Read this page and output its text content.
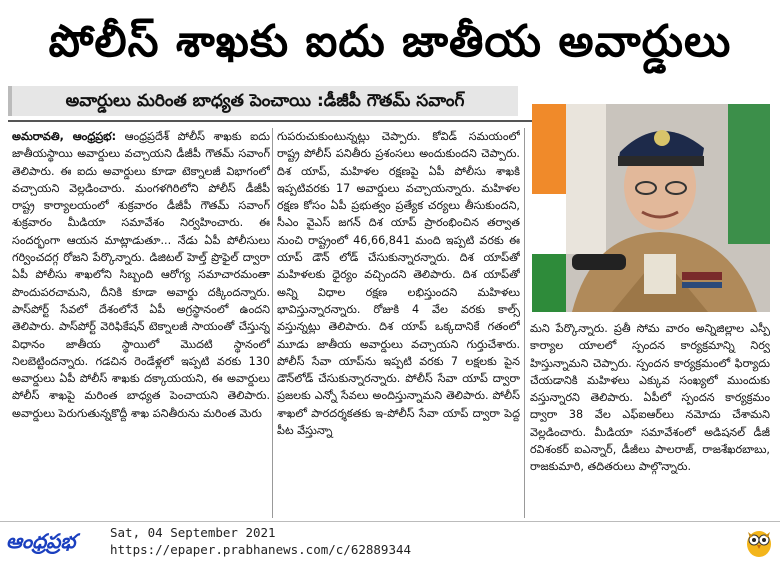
పోలీస్ శాఖకు ఐదు జాతీయ అవార్డులు
అవార్డులు మరింత బాధ్యత పెంచాయి :డీజీపీ గౌతమ్ సవాంగ్

అమరావతి, ఆంధ్రప్రభ: ఆంధ్రప్రదేశ్ పోలీస్ శాఖకు ఐదు జాతీయస్థాయి అవార్డులు వచ్చాయని డీజీపీ గౌతమ్ సవాంగ్ తెలిపారు. ఈ ఐదు అవార్డులు కూడా టెక్నాలజీ విభాగంలో వచ్చాయని వెల్లడించారు. మంగళగిరిలోని పోలీస్ డీజీపీ రాష్ట్ర కార్యాలయంలో శుక్రవారం డీజీపీ గౌతమ్ సవాంగ్ శుక్రవారం మీడియా సమావేశం నిర్వహించారు. ఈ సందర్భంగా ఆయన మాట్లాడుతూ... నేడు ఏపీ పోలీసులు గర్వించదగ్గ రోజని పేర్కొన్నారు. డిజిటల్ హెల్త్ ప్రొఫైల్ ద్వారా ఏపీ పోలీసు శాఖలోని సిబ్బంది ఆరోగ్య సమాచారమంతా పొందుపరచామని, దీనికి కూడా అవార్డు దక్కిందన్నారు. పాస్‌పోర్ట్ సేవలో దేశంలోనే ఏపీ అగ్రస్థానంలో ఉందని తెలిపారు. పాస్‌పోర్ట్ వెరిఫికేషన్ టెక్నాలజీ సాయంతో చేస్తున్న విధానం జాతీయ స్థాయిలో మొదటి స్థానంలో నిలబెట్టిందన్నారు. గడచిన రెండేళ్లలో ఇప్పటి వరకు 130 అవార్డులు ఏపీ పోలీస్ శాఖకు దక్కాయయని, ఈ అవార్డులు పోలీస్ శాఖపై మరింత బాధ్యత పెంచాయని తెలిపారు. అవార్డులు పెరుగుతున్నకొద్దీ శాఖ పనితీరును మరింత మెరు

గుపరుచుకుంటున్నట్లు చెప్పారు. కోవిడ్ సమయంలో రాష్ట్ర పోలీస్ పనితీరు ప్రశంసలు అందుకుందని చెప్పారు. దిశ యాప్, మహిళల రక్షణపై ఏపీ పోలీసు శాఖకి ఇప్పటివరకు 17 అవార్డులు వచ్చాయన్నారు. మహిళల రక్షణ కోసం ఏపీ ప్రభుత్వం ప్రత్యేక చర్యలు తీసుకుందని, సీఎం వైఎస్ జగన్ దిశ యాప్ ప్రారంభించిన తర్వాత నుంచి రాష్ట్రంలో 46,66,841 మంది ఇప్పటి వరకు ఈ యాప్ డౌన్ లోడ్ చేసుకున్నారన్నారు. దిశ యాప్‌తో మహిళలకు ధైర్యం వచ్చిందని తెలిపారు. దిశ యాప్‌తో అన్ని విధాల రక్షణ లభిస్తుందని మహిళలు భావిస్తున్నారన్నారు. రోజుకి 4 వేల వరకు కాల్స్ వస్తున్నట్లు తెలిపారు. దిశ యాప్ ఒక్కదానికే గతంలో మూడు జాతీయ అవార్డులు వచ్చాయని గుర్తుచేశారు. పోలీస్ సేవా యాప్‌ను ఇప్పటి వరకు 7 లక్షలకు పైన డౌన్‌లోడ్ చేసుకున్నారన్నారు. పోలీస్ సేవా యాప్ ద్వారా ప్రజలకు ఎన్నో సేవలు అందిస్తున్నామని తెలిపారు. పోలీస్ శాఖలో పారదర్శకతకు ఇ-పోలీస్ సేవా యాప్ ద్వారా పెద్ద పీట వేస్తున్నా

మని పేర్కొన్నారు. ప్రతీ సోమ వారం అన్నిజిల్లాల ఎస్పీ కార్యాల యాలలో స్పందన కార్యక్రమాన్ని నిర్వ హిస్తున్నామని చెప్పారు. స్పందన కార్యక్రమంలో ఫిర్యాదు చేయడానికి మహిళలు ఎక్కువ సంఖ్యలో ముందుకు వస్తున్నారని తెలిపారు. ఏపీలో స్పందన కార్యక్రమం ద్వారా 38 వేల ఎఫ్ఐఆర్‌లు నమోదు చేశామని వెల్లడించారు. మీడియా సమావేశంలో అడిషనల్ డీజీ రవిశంకర్ ఐఎన్నార్, డీజీలు పాలరాజ్, రాజశేఖరబాబు, రాజకుమారి, తదితరులు పాల్గొన్నారు.

ఆంధ్రప్రభ	Sat, 04 September 2021
https://epaper.prabhanews.com/c/62889344
